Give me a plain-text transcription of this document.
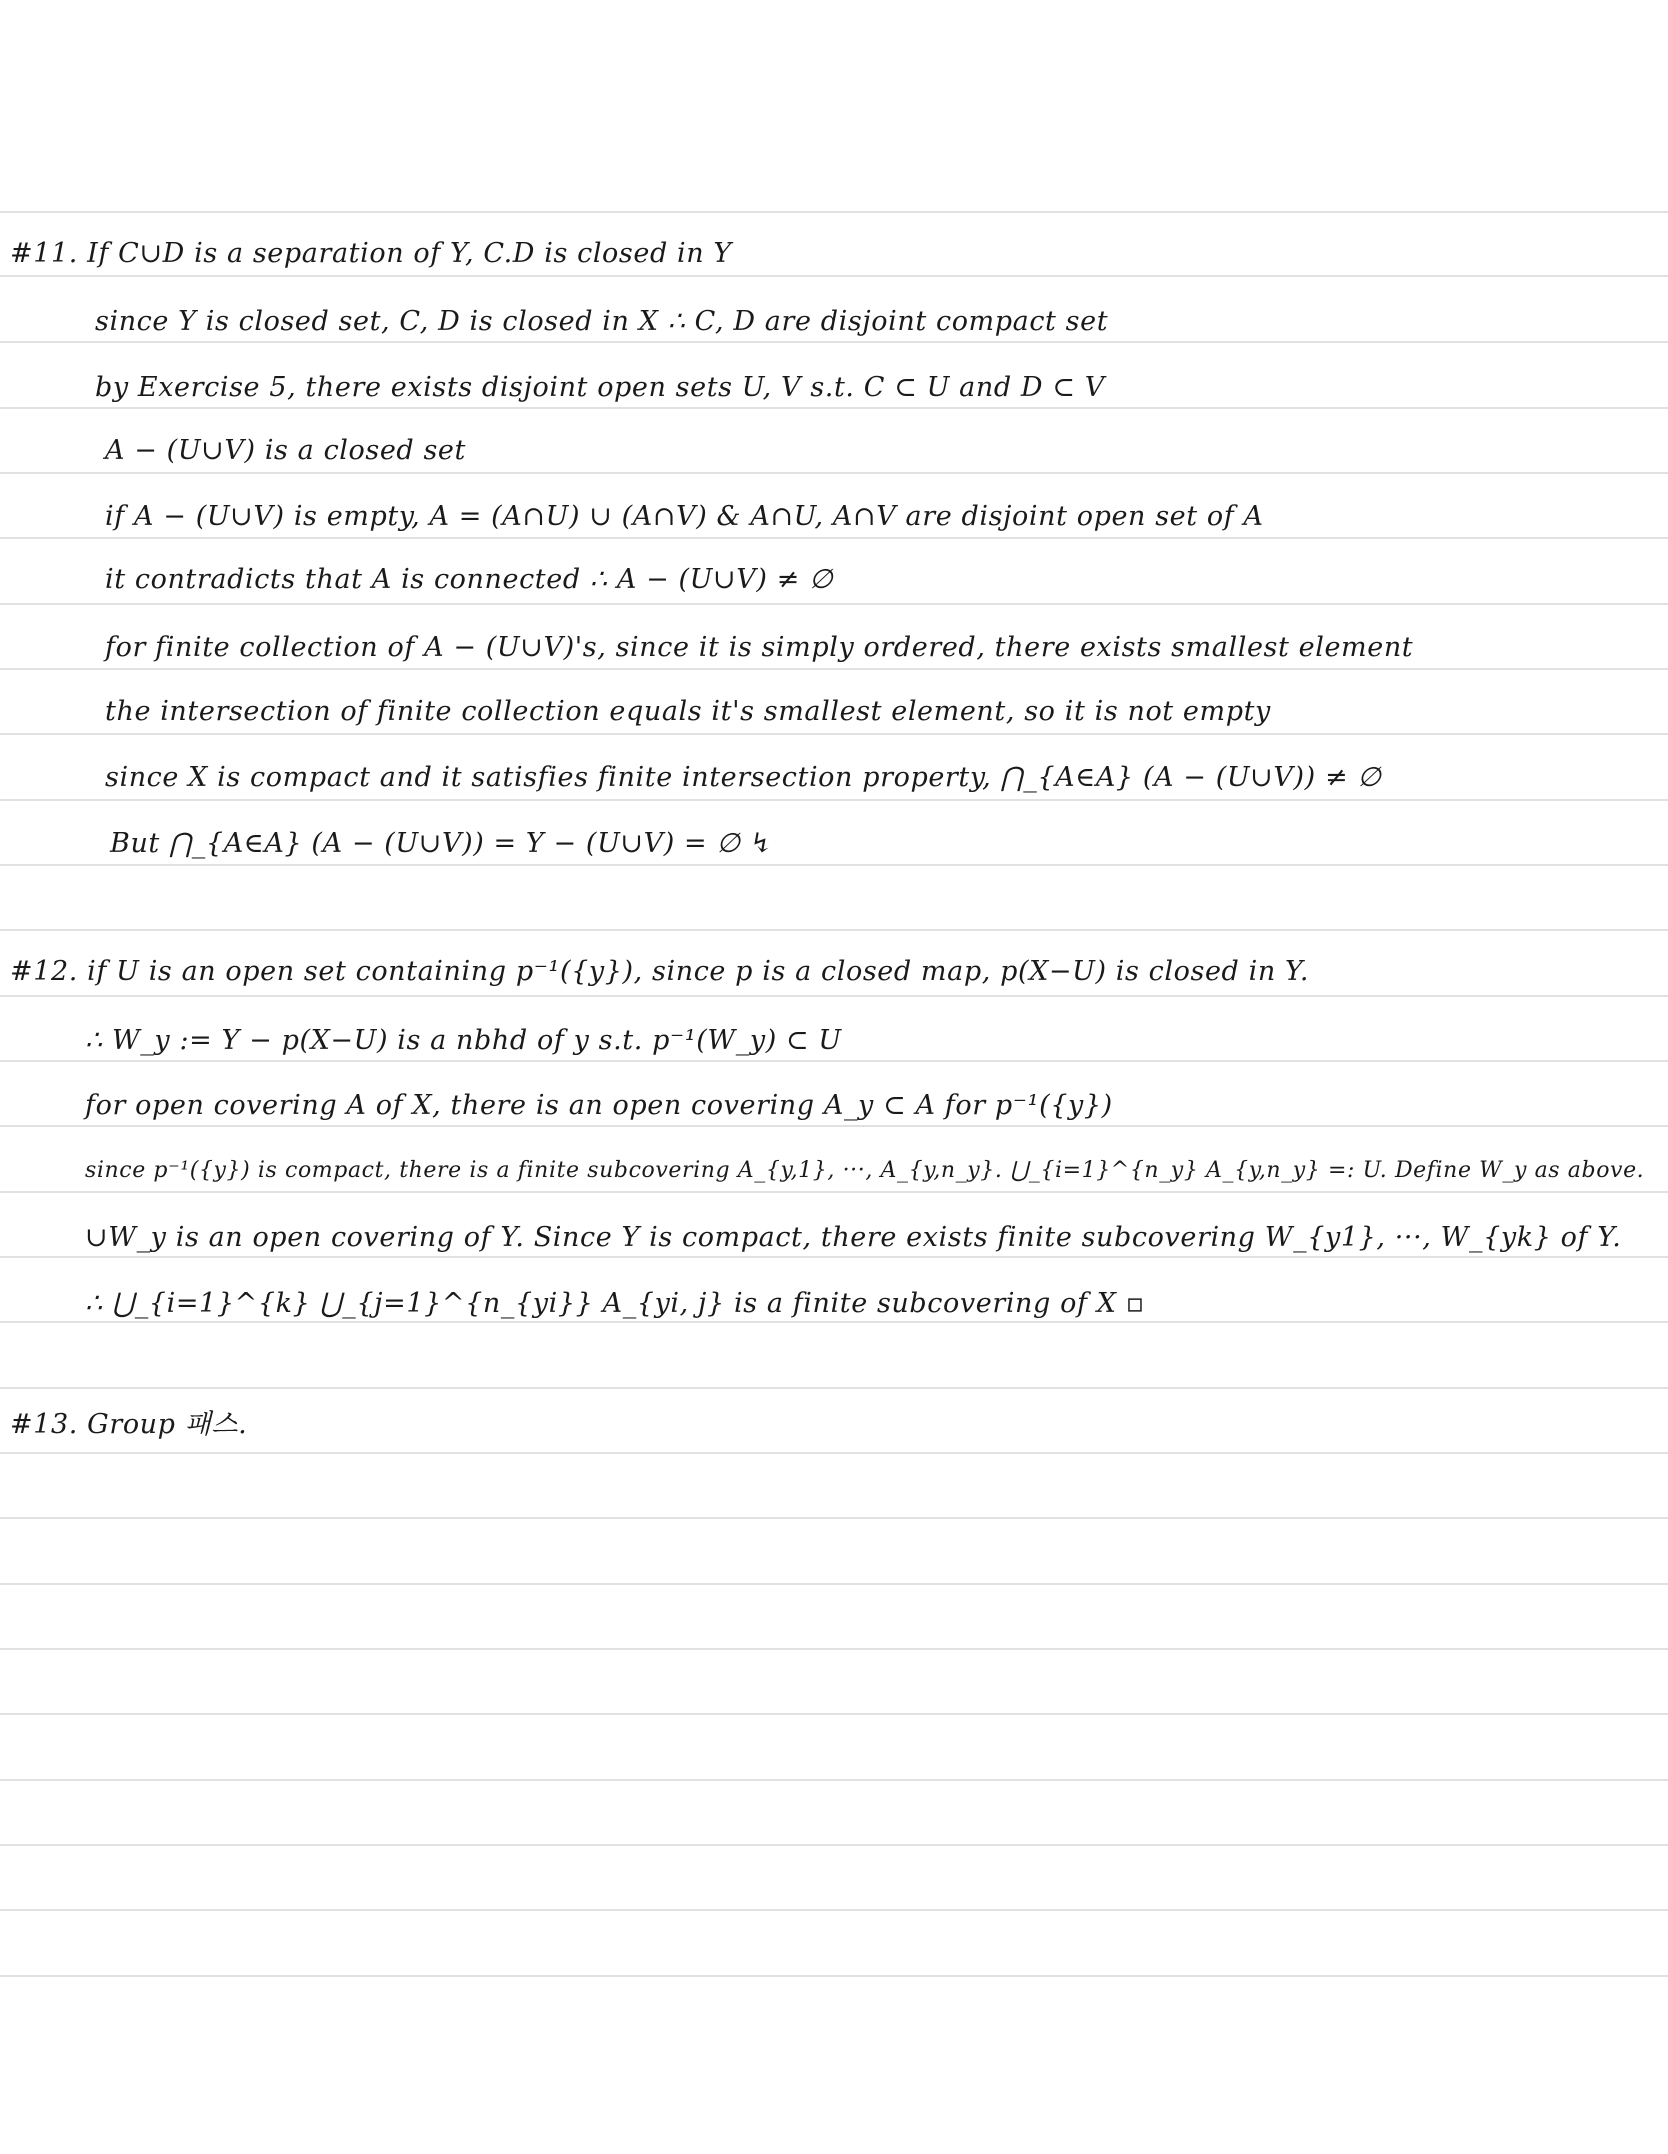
#11. If C∪D is a separation of Y, C.D is closed in Y
since Y is closed set, C, D is closed in X ∴ C, D are disjoint compact set
by Exercise 5, there exists disjoint open sets U, V s.t. C ⊂ U and D ⊂ V
A − (U∪V) is a closed set
if A − (U∪V) is empty, A = (A∩U) ∪ (A∩V) & A∩U, A∩V are disjoint open set of A
it contradicts that A is connected ∴ A − (U∪V) ≠ ∅
for finite collection of A − (U∪V)'s, since it is simply ordered, there exists smallest element
the intersection of finite collection equals it's smallest element, so it is not empty
since X is compact and it satisfies finite intersection property, ⋂_{A∈A} (A − (U∪V)) ≠ ∅
But ⋂_{A∈A} (A − (U∪V)) = Y − (U∪V) = ∅ ↯
#12. if U is an open set containing p⁻¹({y}), since p is a closed map, p(X−U) is closed in Y.
∴ W_y := Y − p(X−U) is a nbhd of y s.t. p⁻¹(W_y) ⊂ U
for open covering A of X, there is an open covering A_y ⊂ A for p⁻¹({y})
since p⁻¹({y}) is compact, there is a finite subcovering A_{y,1}, ···, A_{y,n_y}. ⋃_{i=1}^{n_y} A_{y,n_y} =: U. Define W_y as above.
∪W_y is an open covering of Y. Since Y is compact, there exists finite subcovering W_{y1}, ···, W_{yk} of Y.
∴ ⋃_{i=1}^{k} ⋃_{j=1}^{n_{yi}} A_{yi, j} is a finite subcovering of X ▫
#13. Group 패스.
